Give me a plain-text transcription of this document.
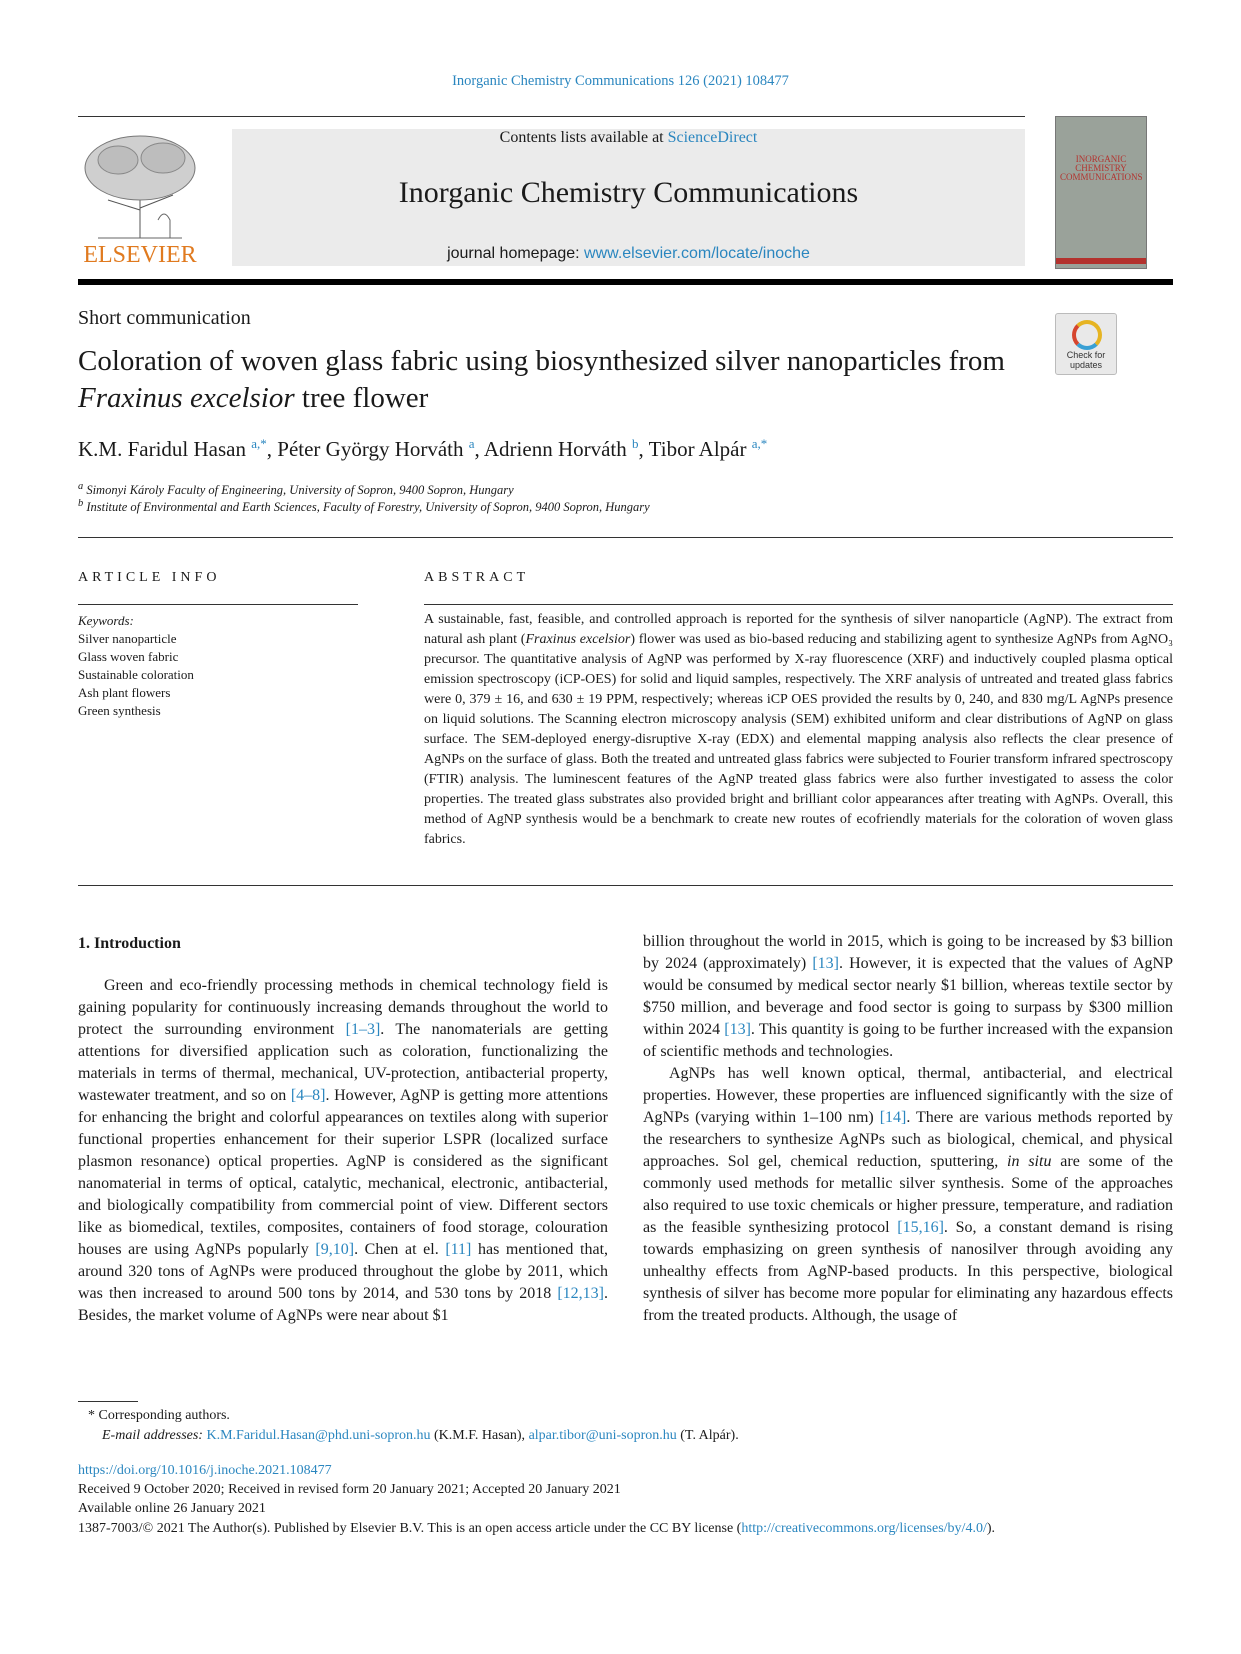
Inorganic Chemistry Communications 126 (2021) 108477
ELSEVIER
Contents lists available at ScienceDirect
Inorganic Chemistry Communications
journal homepage: www.elsevier.com/locate/inoche
INORGANIC CHEMISTRY COMMUNICATIONS
Short communication
Coloration of woven glass fabric using biosynthesized silver nanoparticles from Fraxinus excelsior tree flower
Check for updates
K.M. Faridul Hasan $^{a,*}$, Péter György Horváth $^a$, Adrienn Horváth $^b$, Tibor Alpár $^{a,*}$
$^a$ Simonyi Károly Faculty of Engineering, University of Sopron, 9400 Sopron, Hungary
$^b$ Institute of Environmental and Earth Sciences, Faculty of Forestry, University of Sopron, 9400 Sopron, Hungary
ARTICLE INFO	ABSTRACT
Keywords:
Silver nanoparticle
Glass woven fabric
Sustainable coloration
Ash plant flowers
Green synthesis
A sustainable, fast, feasible, and controlled approach is reported for the synthesis of silver nanoparticle (AgNP). The extract from natural ash plant (Fraxinus excelsior) flower was used as bio-based reducing and stabilizing agent to synthesize AgNPs from AgNO₃ precursor. The quantitative analysis of AgNP was performed by X-ray fluorescence (XRF) and inductively coupled plasma optical emission spectroscopy (iCP-OES) for solid and liquid samples, respectively. The XRF analysis of untreated and treated glass fabrics were 0, 379 ± 16, and 630 ± 19 PPM, respectively; whereas iCP OES provided the results by 0, 240, and 830 mg/L AgNPs presence on liquid solutions. The Scanning electron microscopy analysis (SEM) exhibited uniform and clear distributions of AgNP on glass surface. The SEM-deployed energy-disruptive X-ray (EDX) and elemental mapping analysis also reflects the clear presence of AgNPs on the surface of glass. Both the treated and untreated glass fabrics were subjected to Fourier transform infrared spectroscopy (FTIR) analysis. The luminescent features of the AgNP treated glass fabrics were also further investigated to assess the color properties. The treated glass substrates also provided bright and brilliant color appearances after treating with AgNPs. Overall, this method of AgNP synthesis would be a benchmark to create new routes of ecofriendly materials for the coloration of woven glass fabrics.
1. Introduction

Green and eco-friendly processing methods in chemical technology field is gaining popularity for continuously increasing demands throughout the world to protect the surrounding environment [1–3]. The nanomaterials are getting attentions for diversified application such as coloration, functionalizing the materials in terms of thermal, mechanical, UV-protection, antibacterial property, wastewater treatment, and so on [4–8]. However, AgNP is getting more attentions for enhancing the bright and colorful appearances on textiles along with superior functional properties enhancement for their superior LSPR (localized surface plasmon resonance) optical properties. AgNP is considered as the significant nanomaterial in terms of optical, catalytic, mechanical, electronic, antibacterial, and biologically compatibility from commercial point of view. Different sectors like as biomedical, textiles, composites, containers of food storage, colouration houses are using AgNPs popularly [9,10]. Chen at el. [11] has mentioned that, around 320 tons of AgNPs were produced throughout the globe by 2011, which was then increased to around 500 tons by 2014, and 530 tons by 2018 [12,13]. Besides, the market volume of AgNPs were near about $1

billion throughout the world in 2015, which is going to be increased by $3 billion by 2024 (approximately) [13]. However, it is expected that the values of AgNP would be consumed by medical sector nearly $1 billion, whereas textile sector by $750 million, and beverage and food sector is going to surpass by $300 million within 2024 [13]. This quantity is going to be further increased with the expansion of scientific methods and technologies.

AgNPs has well known optical, thermal, antibacterial, and electrical properties. However, these properties are influenced significantly with the size of AgNPs (varying within 1–100 nm) [14]. There are various methods reported by the researchers to synthesize AgNPs such as biological, chemical, and physical approaches. Sol gel, chemical reduction, sputtering, in situ are some of the commonly used methods for metallic silver synthesis. Some of the approaches also required to use toxic chemicals or higher pressure, temperature, and radiation as the feasible synthesizing protocol [15,16]. So, a constant demand is rising towards emphasizing on green synthesis of nanosilver through avoiding any unhealthy effects from AgNP-based products. In this perspective, biological synthesis of silver has become more popular for eliminating any hazardous effects from the treated products. Although, the usage of

* Corresponding authors.
E-mail addresses: K.M.Faridul.Hasan@phd.uni-sopron.hu (K.M.F. Hasan), alpar.tibor@uni-sopron.hu (T. Alpár).
https://doi.org/10.1016/j.inoche.2021.108477
Received 9 October 2020; Received in revised form 20 January 2021; Accepted 20 January 2021
Available online 26 January 2021
1387-7003/© 2021 The Author(s). Published by Elsevier B.V. This is an open access article under the CC BY license (http://creativecommons.org/licenses/by/4.0/).
